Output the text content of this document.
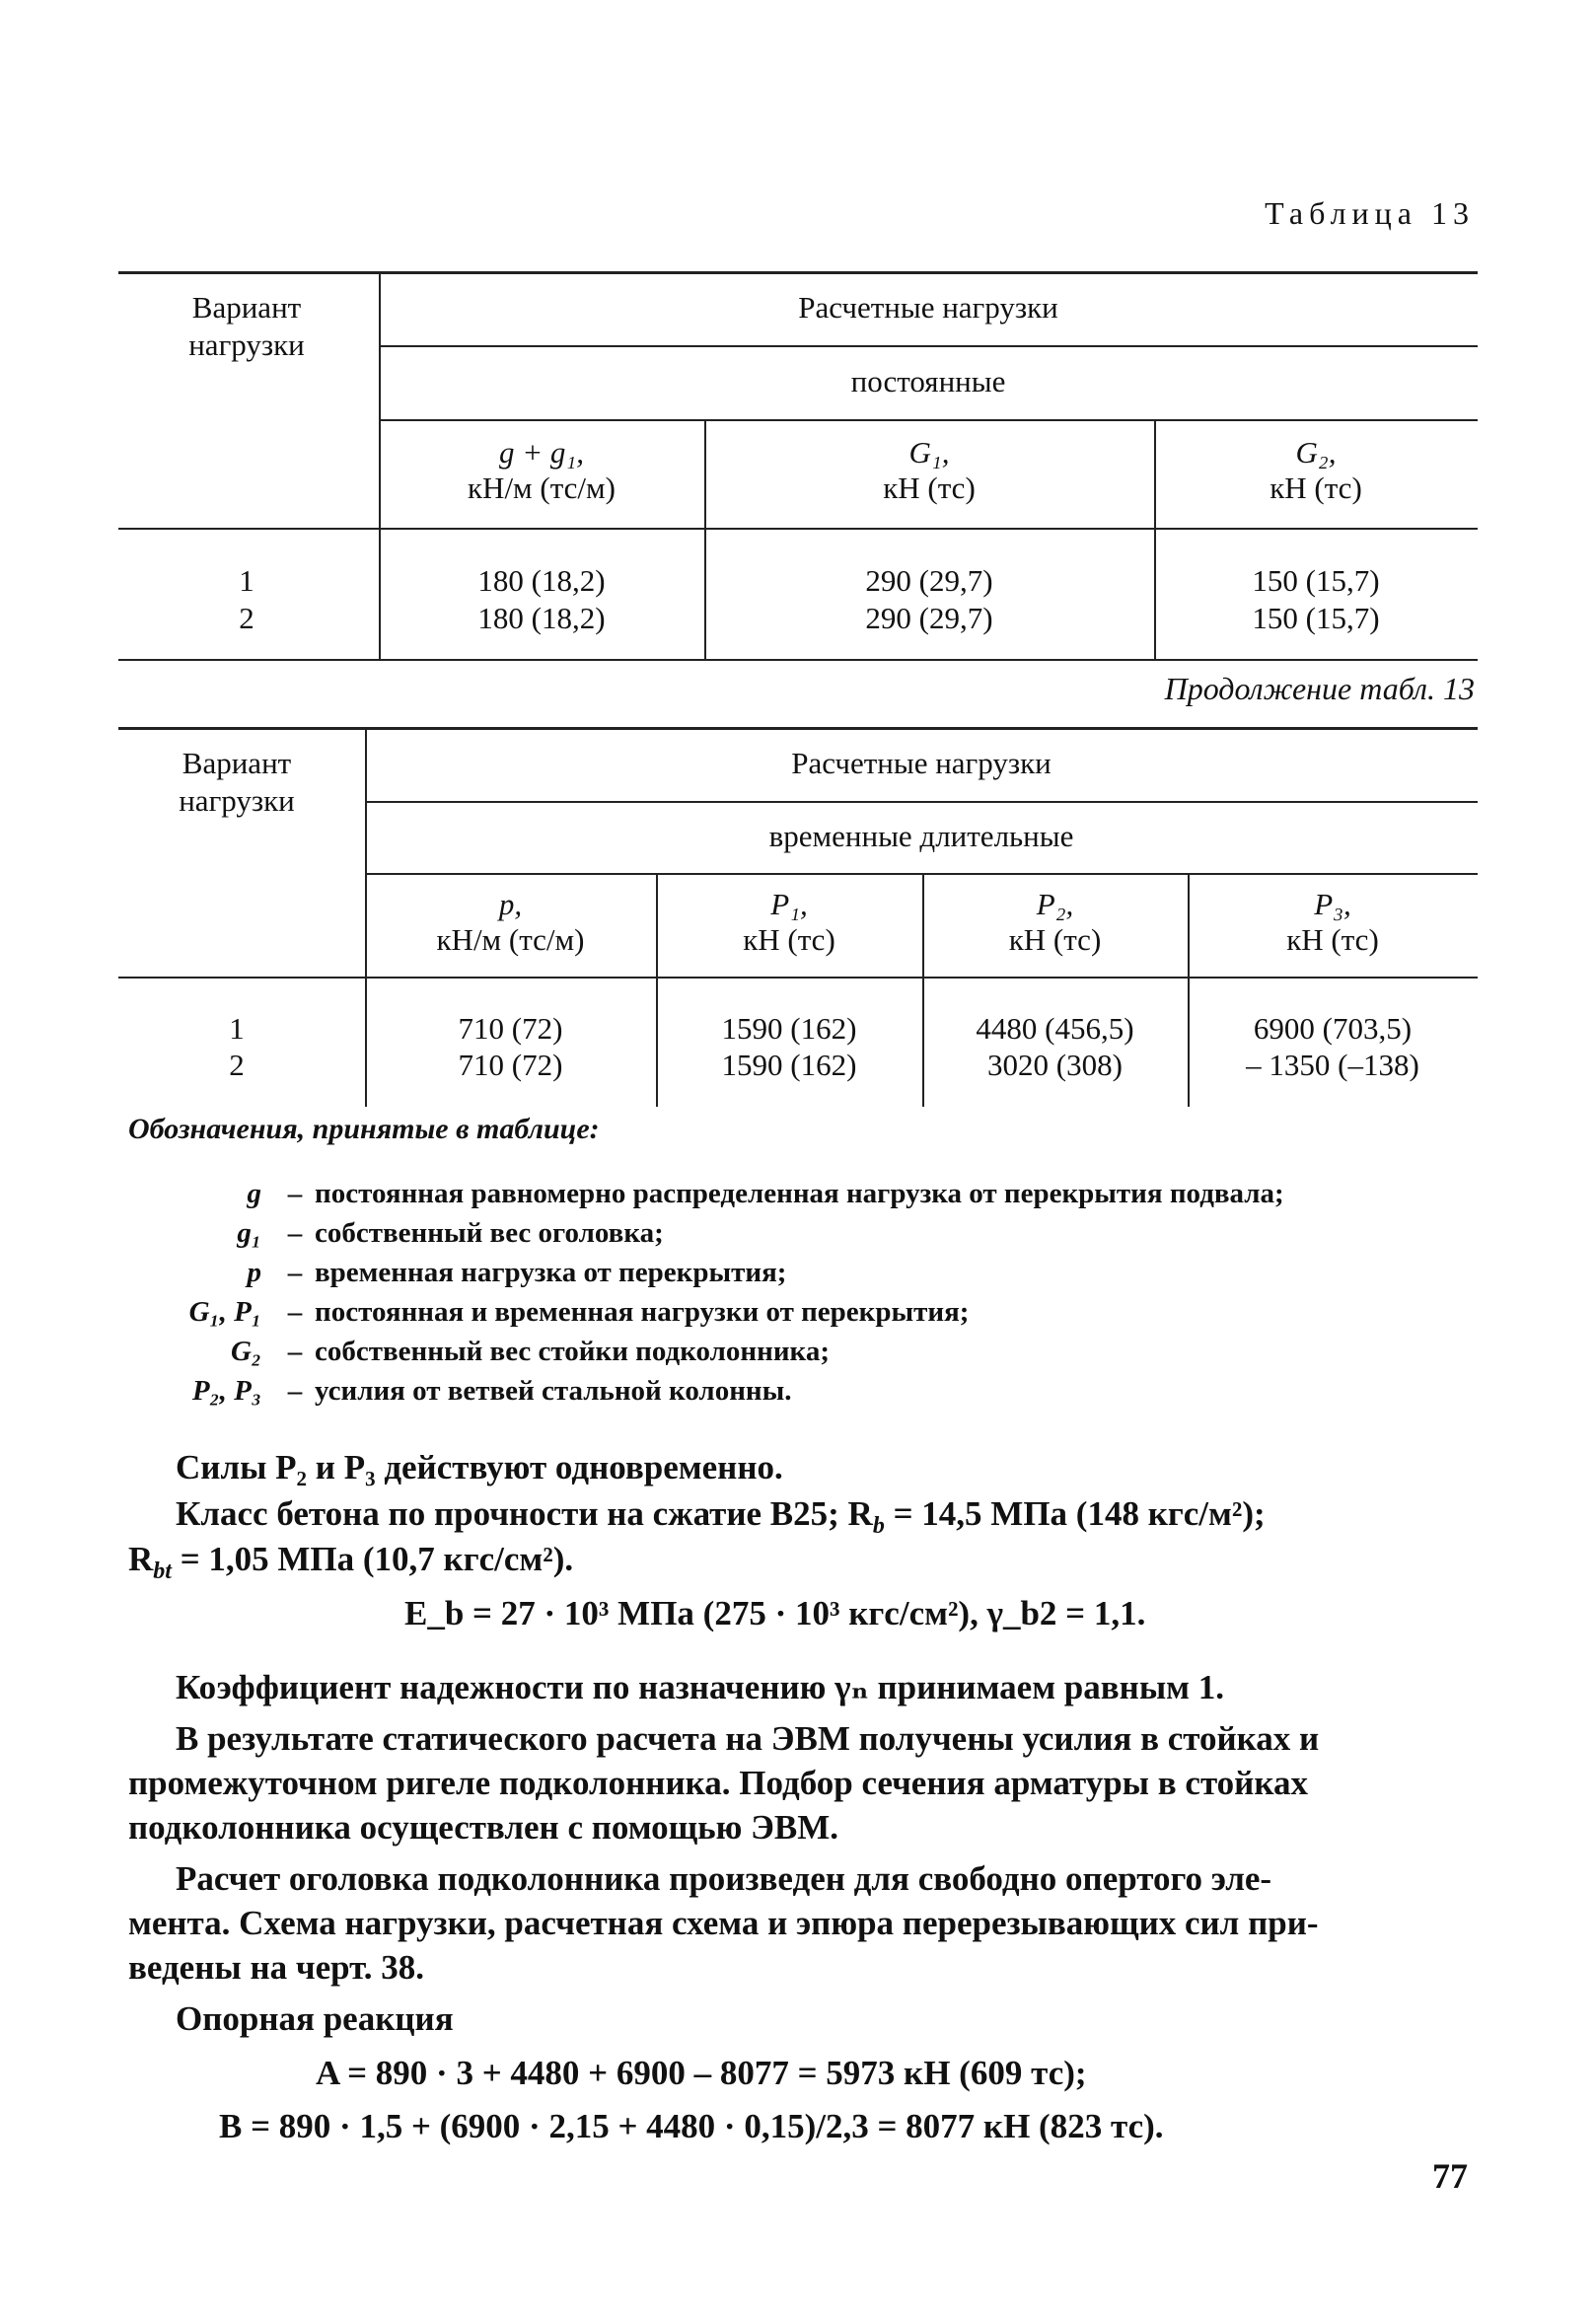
Таблица 13
Вариант нагрузки
Расчетные нагрузки
постоянные
g + g₁,
кН/м (тс/м)
G₁,
кН (тс)
G₂,
кН (тс)
1
2
180 (18,2)
180 (18,2)
290 (29,7)
290 (29,7)
150 (15,7)
150 (15,7)
Продолжение табл. 13
Вариант нагрузки
Расчетные нагрузки
временные длительные
p,
кН/м (тс/м)
P₁,
кН (тс)
P₂,
кН (тс)
P₃,
кН (тс)
1
2
710 (72)
710 (72)
1590 (162)
1590 (162)
4480 (456,5)
3020 (308)
6900 (703,5)
– 1350 (–138)
Обозначения, принятые в таблице:
g – постоянная равномерно распределенная нагрузка от перекрытия подвала;
g₁ – собственный вес оголовка;
p – временная нагрузка от перекрытия;
G₁, P₁ – постоянная и временная нагрузки от перекрытия;
G₂ – собственный вес стойки подколонника;
P₂, P₃ – усилия от ветвей стальной колонны.
Силы P₂ и P₃ действуют одновременно.
Класс бетона по прочности на сжатие В25; $R_b = 14,5$ МПа (148 кгс/м²);
$R_{bt} = 1,05$ МПа (10,7 кгс/см²).
E_b = 27 · 10³ МПа (275 · 10³ кгс/см²), γ_b2 = 1,1.
Коэффициент надежности по назначению γₙ принимаем равным 1.
В результате статического расчета на ЭВМ получены усилия в стойках и
промежуточном ригеле подколонника. Подбор сечения арматуры в стойках
подколонника осуществлен с помощью ЭВМ.
Расчет оголовка подколонника произведен для свободно опертого эле-
мента. Схема нагрузки, расчетная схема и эпюра перерезывающих сил при-
ведены на черт. 38.
Опорная реакция
A = 890 · 3 + 4480 + 6900 – 8077 = 5973 кН (609 тс);
B = 890 · 1,5 + (6900 · 2,15 + 4480 · 0,15)/2,3 = 8077 кН (823 тс).
77
